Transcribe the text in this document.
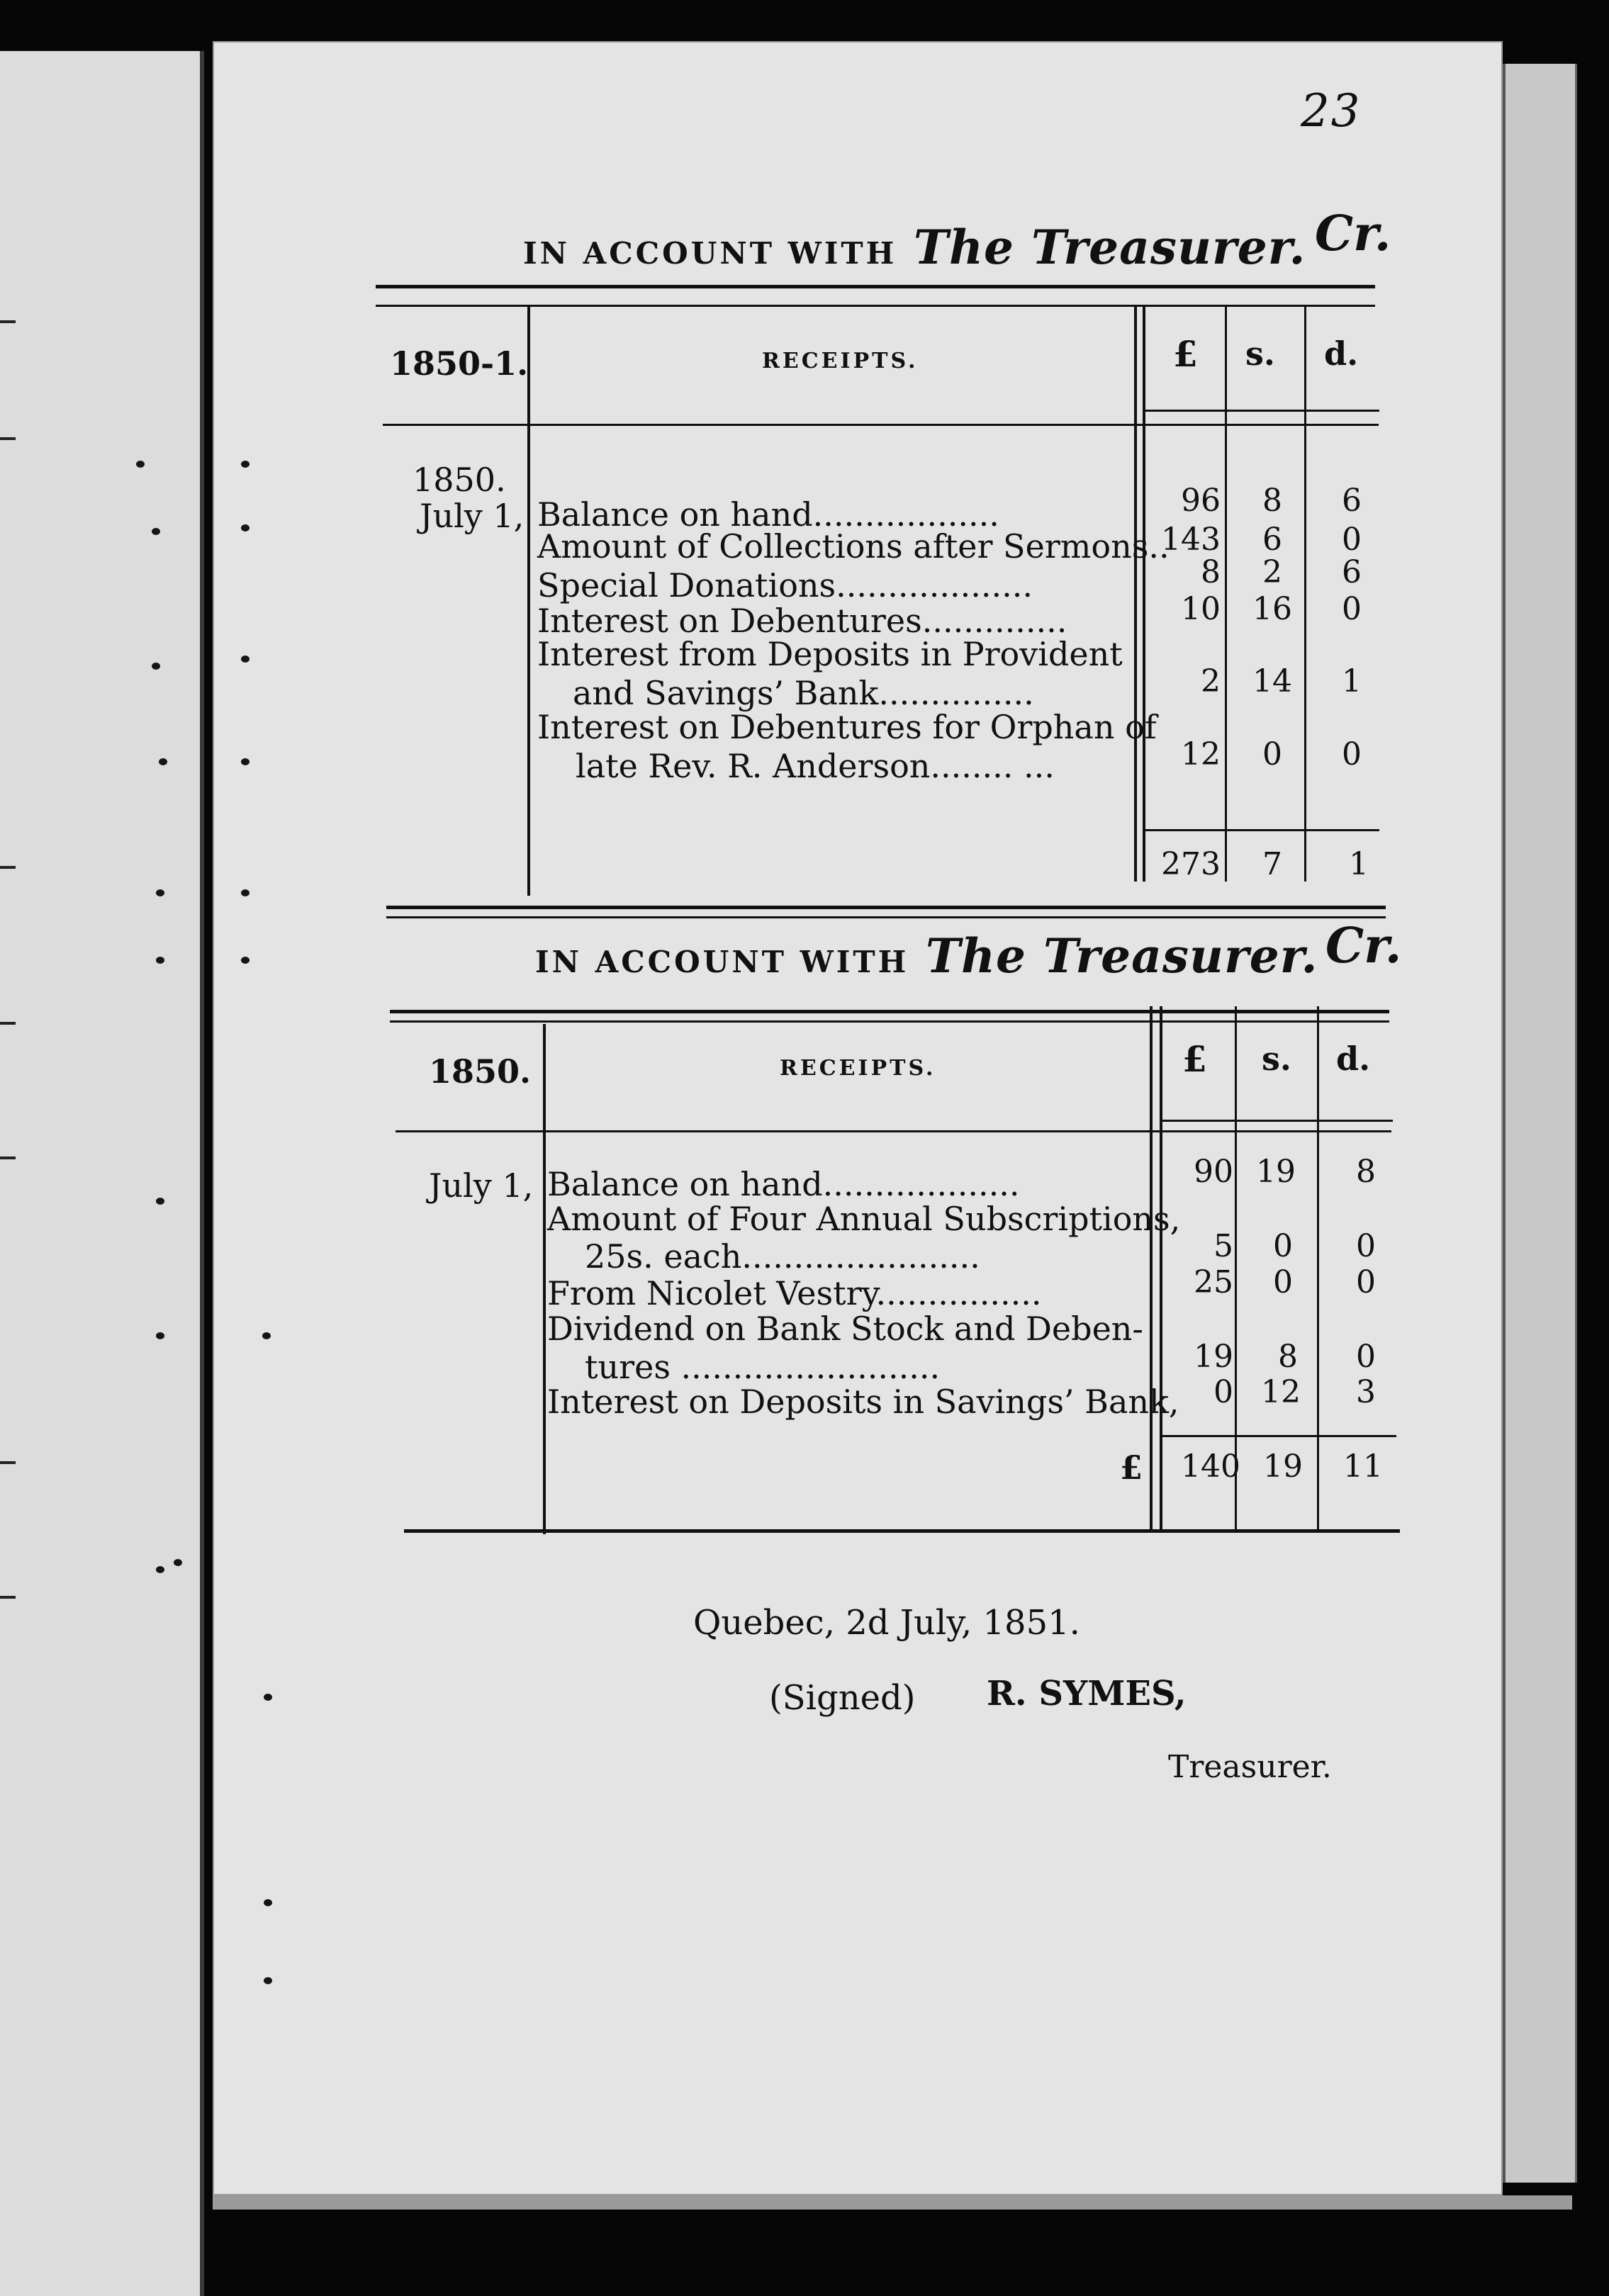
23
IN ACCOUNT WITH The Treasurer. Cr.
1850-1.	RECEIPTS.	£ s. d.
1850.
July 1, Balance on hand..................	96	8	6
Amount of Collections after Sermons..
143	6	0
Special Donations...................	8	2	6
Interest on Debentures..............	10	16	0
Interest from Deposits in Provident
and Savings’ Bank...............	2	14	1
Interest on Debentures for Orphan of
late Rev. R. Anderson........ ...	12	0	0
273	7	1
IN ACCOUNT WITH The Treasurer. Cr.
1850.	RECEIPTS.	£ s. d.
July 1, Balance on hand...................	90 19	8
Amount of Four Annual Subscriptions,
25s. each.......................	5	0	0
From Nicolet Vestry................	25	0	0
Dividend on Bank Stock and Deben-
tures .........................	19	8	0
Interest on Deposits in Savings’ Bank,	0 12	3
£	140 19	11
Quebec, 2d July, 1851.
(Signed) R. SYMES,
Treasurer.
